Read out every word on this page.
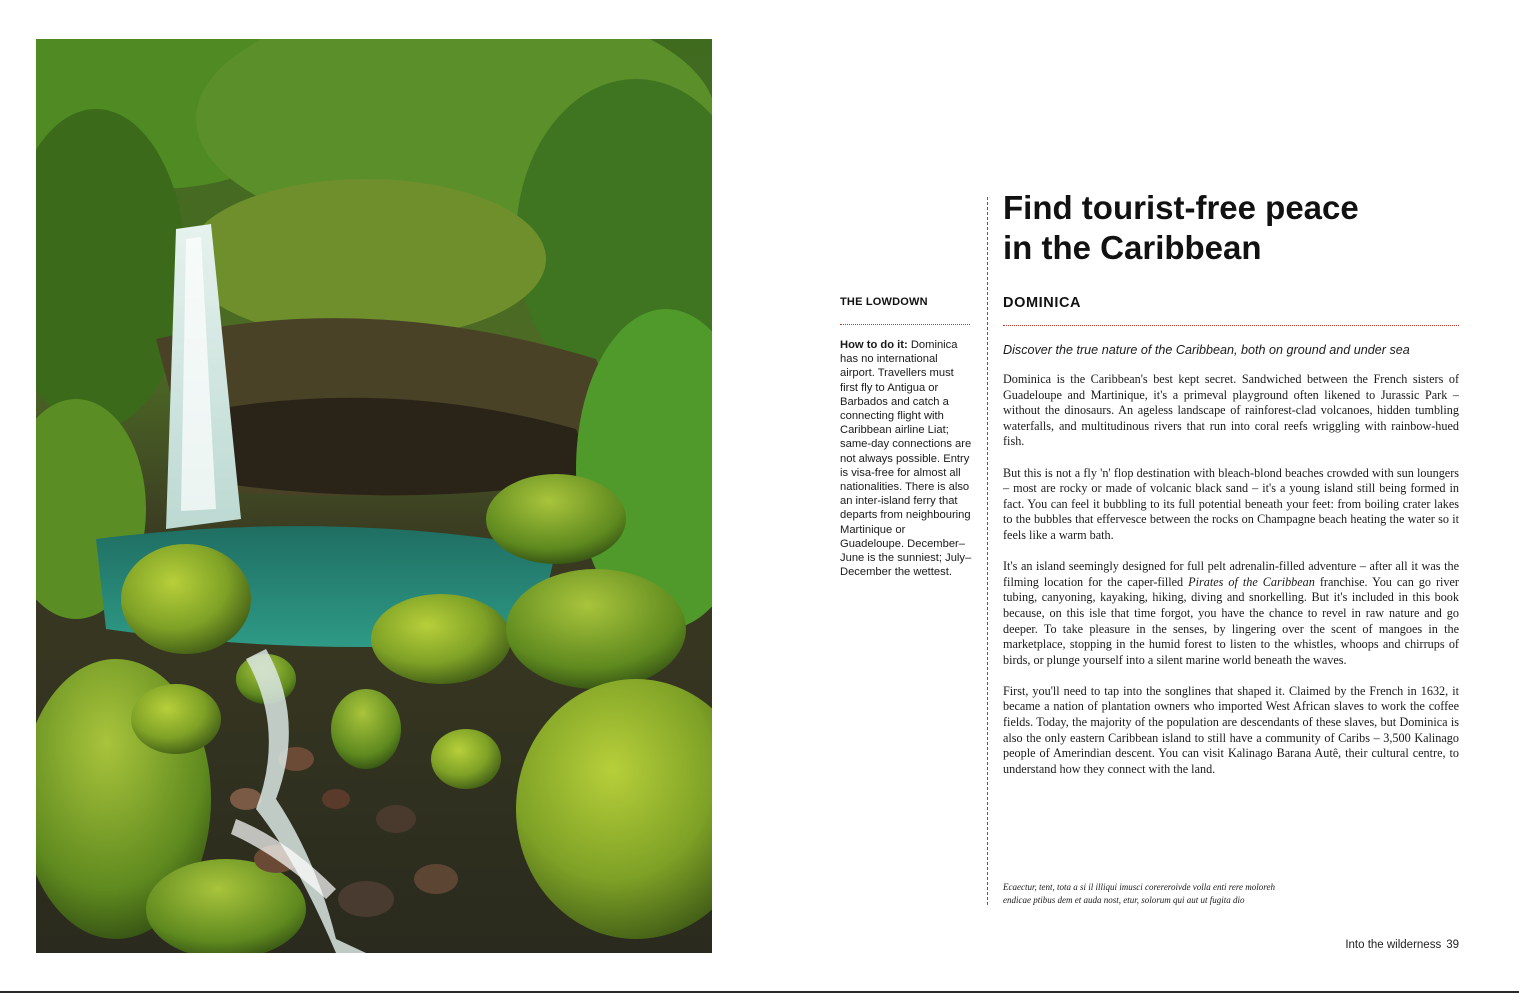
THE LOWDOWN
How to do it: Dominica has no international airport. Travellers must first fly to Antigua or Barbados and catch a connecting flight with Caribbean airline Liat; same-day connections are not always possible. Entry is visa-free for almost all nationalities. There is also an inter-island ferry that departs from neighbouring Martinique or Guadeloupe. December–June is the sunniest; July–December the wettest.
Find tourist-free peace
in the Caribbean
DOMINICA
Discover the true nature of the Caribbean, both on ground and under sea

Dominica is the Caribbean's best kept secret. Sandwiched between the French sisters of Guadeloupe and Martinique, it's a primeval playground often likened to Jurassic Park – without the dinosaurs. An ageless landscape of rainforest-clad volcanoes, hidden tumbling waterfalls, and multitudinous rivers that run into coral reefs wriggling with rainbow-hued fish.

But this is not a fly 'n' flop destination with bleach-blond beaches crowded with sun loungers – most are rocky or made of volcanic black sand – it's a young island still being formed in fact. You can feel it bubbling to its full potential beneath your feet: from boiling crater lakes to the bubbles that effervesce between the rocks on Champagne beach heating the water so it feels like a warm bath.

It's an island seemingly designed for full pelt adrenalin-filled adventure – after all it was the filming location for the caper-filled Pirates of the Caribbean franchise. You can go river tubing, canyoning, kayaking, hiking, diving and snorkelling. But it's included in this book because, on this isle that time forgot, you have the chance to revel in raw nature and go deeper. To take pleasure in the senses, by lingering over the scent of mangoes in the marketplace, stopping in the humid forest to listen to the whistles, whoops and chirrups of birds, or plunge yourself into a silent marine world beneath the waves.

First, you'll need to tap into the songlines that shaped it. Claimed by the French in 1632, it became a nation of plantation owners who imported West African slaves to work the coffee fields. Today, the majority of the population are descendants of these slaves, but Dominica is also the only eastern Caribbean island to still have a community of Caribs – 3,500 Kalinago people of Amerindian descent. You can visit Kalinago Barana Autê, their cultural centre, to understand how they connect with the land.

Ecaectur, tent, tota a si il illiqui imusci corereroivde volla enti rere moloreh
endicae ptibus dem et auda nost, etur, solorum qui aut ut fugita dio
Into the wilderness 39
